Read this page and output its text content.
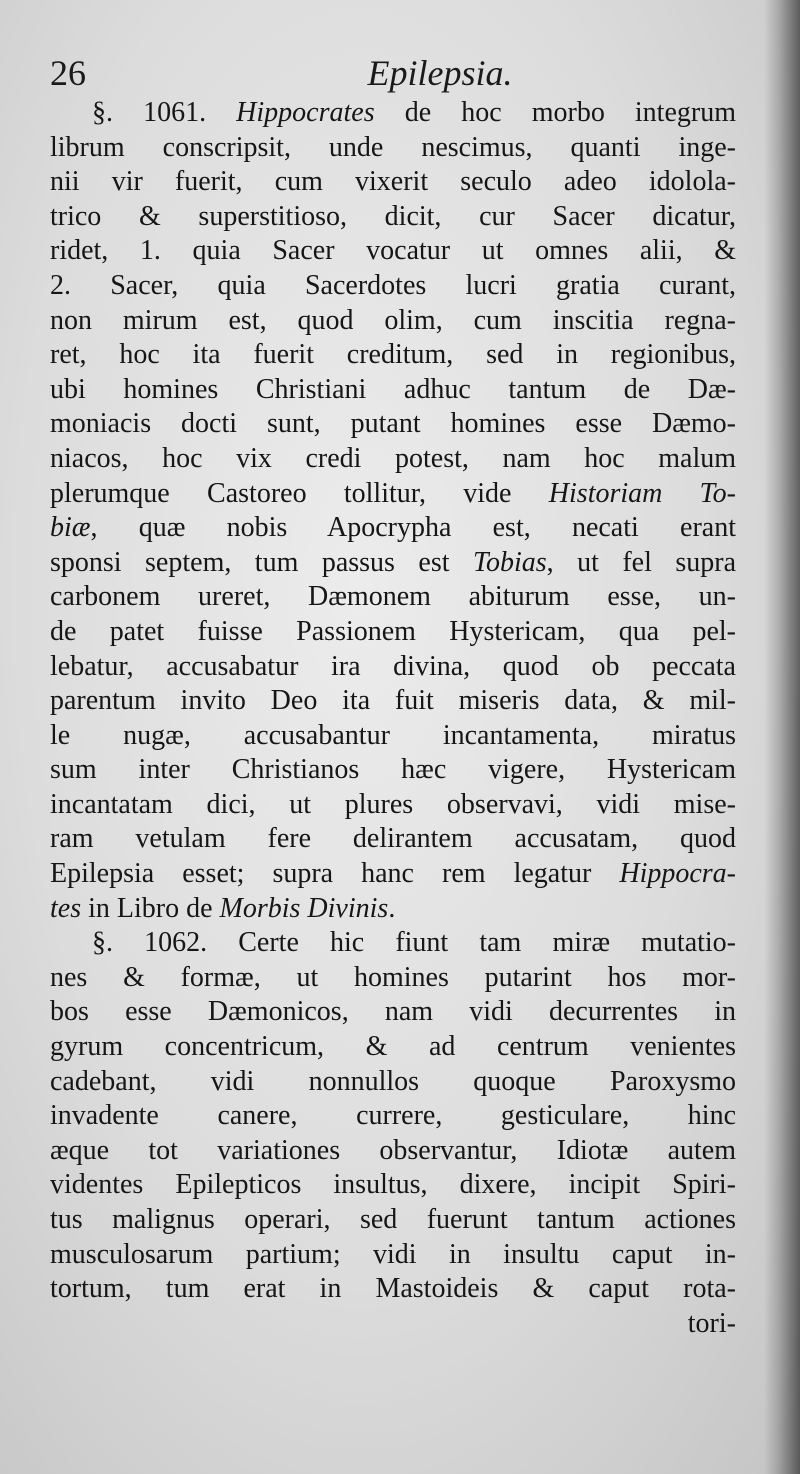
26	Epilepsia.
§. 1061. Hippocrates de hoc morbo integrum
librum conscripsit, unde nescimus, quanti inge-
nii vir fuerit, cum vixerit seculo adeo idolola-
trico & superstitioso, dicit, cur Sacer dicatur,
ridet, 1. quia Sacer vocatur ut omnes alii, &
2. Sacer, quia Sacerdotes lucri gratia curant,
non mirum est, quod olim, cum inscitia regna-
ret, hoc ita fuerit creditum, sed in regionibus,
ubi homines Christiani adhuc tantum de Dæ-
moniacis docti sunt, putant homines esse Dæmo-
niacos, hoc vix credi potest, nam hoc malum
plerumque Castoreo tollitur, vide Historiam To-
biæ, quæ nobis Apocrypha est, necati erant
sponsi septem, tum passus est Tobias, ut fel supra
carbonem ureret, Dæmonem abiturum esse, un-
de patet fuisse Passionem Hystericam, qua pel-
lebatur, accusabatur ira divina, quod ob peccata
parentum invito Deo ita fuit miseris data, & mil-
le nugæ, accusabantur incantamenta, miratus
sum inter Christianos hæc vigere, Hystericam
incantatam dici, ut plures observavi, vidi mise-
ram vetulam fere delirantem accusatam, quod
Epilepsia esset; supra hanc rem legatur Hippocra-
tes in Libro de Morbis Divinis.
§. 1062. Certe hic fiunt tam miræ mutatio-
nes & formæ, ut homines putarint hos mor-
bos esse Dæmonicos, nam vidi decurrentes in
gyrum concentricum, & ad centrum venientes
cadebant, vidi nonnullos quoque Paroxysmo
invadente canere, currere, gesticulare, hinc
æque tot variationes observantur, Idiotæ autem
videntes Epilepticos insultus, dixere, incipit Spiri-
tus malignus operari, sed fuerunt tantum actiones
musculosarum partium; vidi in insultu caput in-
tortum, tum erat in Mastoideis & caput rota-
tori-
